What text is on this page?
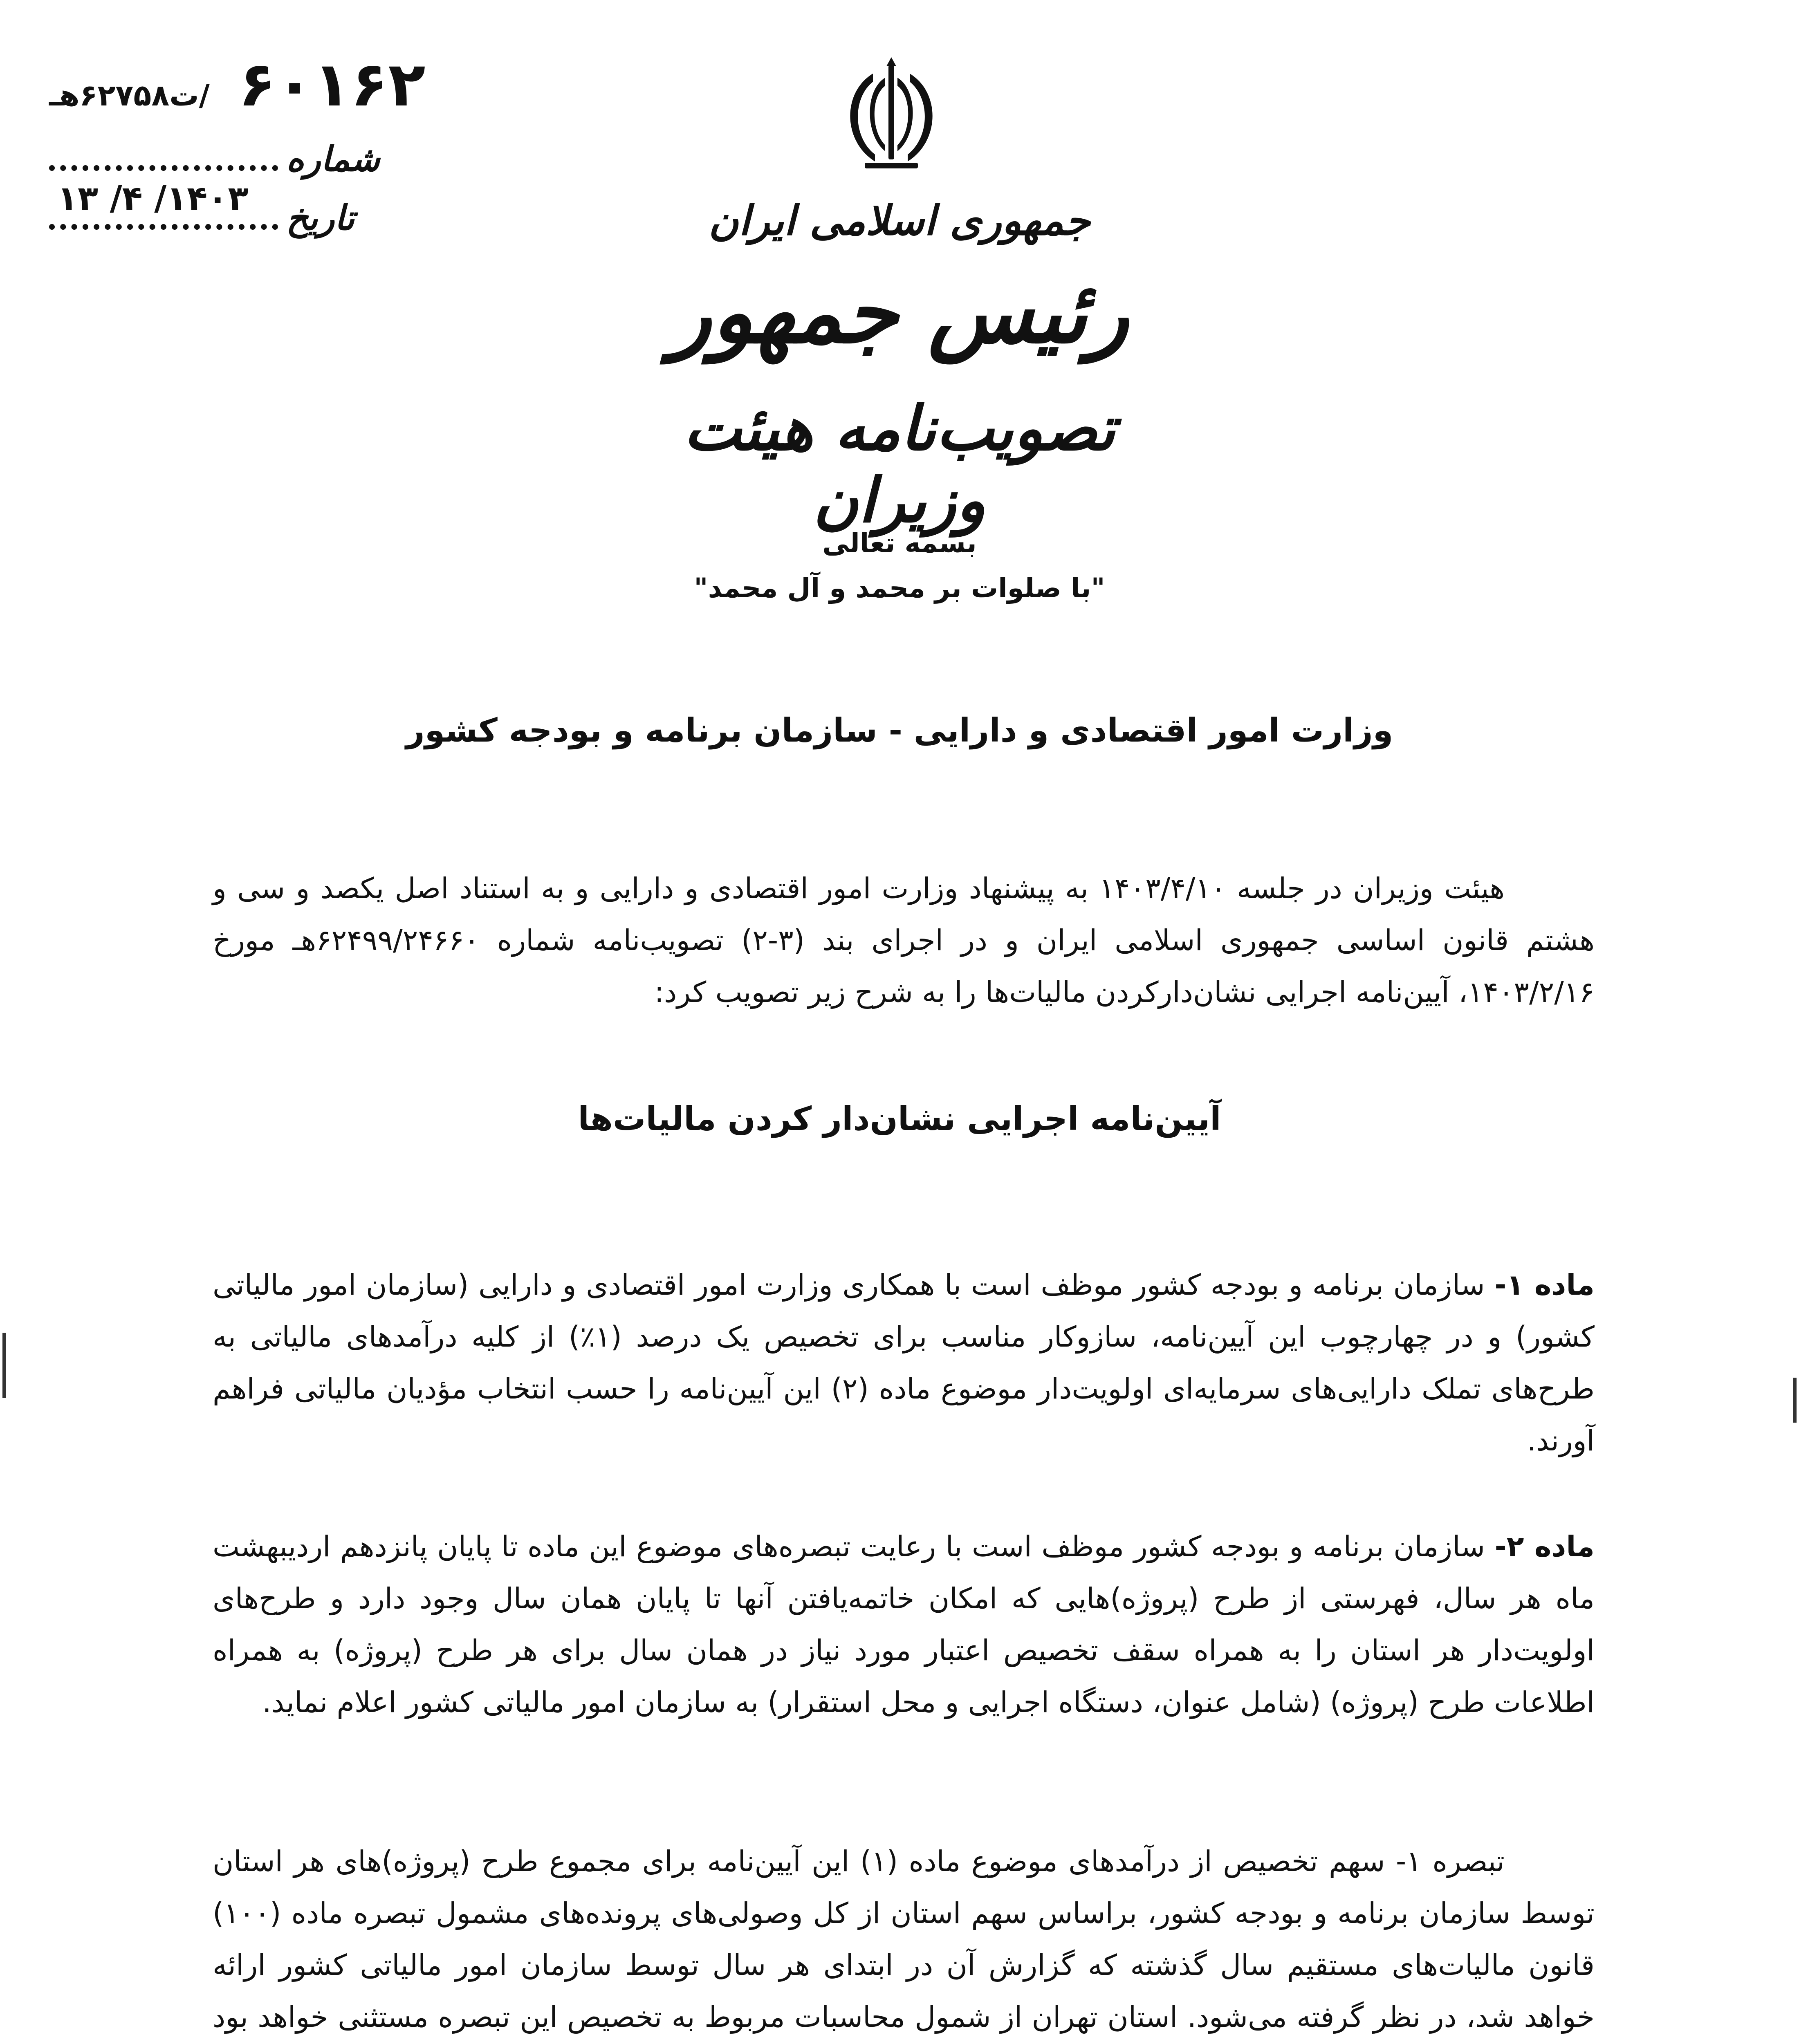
/ت۶۲۷۵۸هـ ۶۰۱۶۲
شماره
۱۴۰۳/ ۴/ ۱۳ تاریخ	جمهوری اسلامی ایران
رئیس جمهور
تصویب‌نامه هیئت وزیران
بسمه تعالی
"با صلوات بر محمد و آل محمد"
وزارت امور اقتصادی و دارایی - سازمان برنامه و بودجه کشور

هیئت وزیران در جلسه ۱۴۰۳/۴/۱۰ به پیشنهاد وزارت امور اقتصادی و دارایی و به استناد اصل یکصد و سی و هشتم قانون اساسی جمهوری اسلامی ایران و در اجرای بند (۳-۲) تصویب‌نامه شماره ۶۲۴۹۹/۲۴۶۶۰هـ مورخ ۱۴۰۳/۲/۱۶، آیین‌نامه اجرایی نشان‌دارکردن مالیات‌ها را به شرح زیر تصویب کرد:

آیین‌نامه اجرایی نشان‌دار کردن مالیات‌ها

ماده ۱- سازمان برنامه و بودجه کشور موظف است با همکاری وزارت امور اقتصادی و دارایی (سازمان امور مالیاتی کشور) و در چهارچوب این آیین‌نامه، سازوکار مناسب برای تخصیص یک درصد (۱٪) از کلیه درآمدهای مالیاتی به طرح‌های تملک دارایی‌های سرمایه‌ای اولویت‌دار موضوع ماده (۲) این آیین‌نامه را حسب انتخاب مؤدیان مالیاتی فراهم آورند.

ماده ۲- سازمان برنامه و بودجه کشور موظف است با رعایت تبصره‌های موضوع این ماده تا پایان پانزدهم اردیبهشت ماه هر سال، فهرستی از طرح (پروژه)هایی که امکان خاتمه‌یافتن آنها تا پایان همان سال وجود دارد و طرح‌های اولویت‌دار هر استان را به همراه سقف تخصیص اعتبار مورد نیاز در همان سال برای هر طرح (پروژه) به همراه اطلاعات طرح (پروژه) (شامل عنوان، دستگاه اجرایی و محل استقرار) به سازمان امور مالیاتی کشور اعلام نماید.

تبصره ۱- سهم تخصیص از درآمدهای موضوع ماده (۱) این آیین‌نامه برای مجموع طرح (پروژه)های هر استان توسط سازمان برنامه و بودجه کشور، براساس سهم استان از کل وصولی‌های پرونده‌های مشمول تبصره ماده (۱۰۰) قانون مالیات‌های مستقیم سال گذشته که گزارش آن در ابتدای هر سال توسط سازمان امور مالیاتی کشور ارائه خواهد شد، در نظر گرفته می‌شود. استان تهران از شمول محاسبات مربوط به تخصیص این تبصره مستثنی خواهد بود
